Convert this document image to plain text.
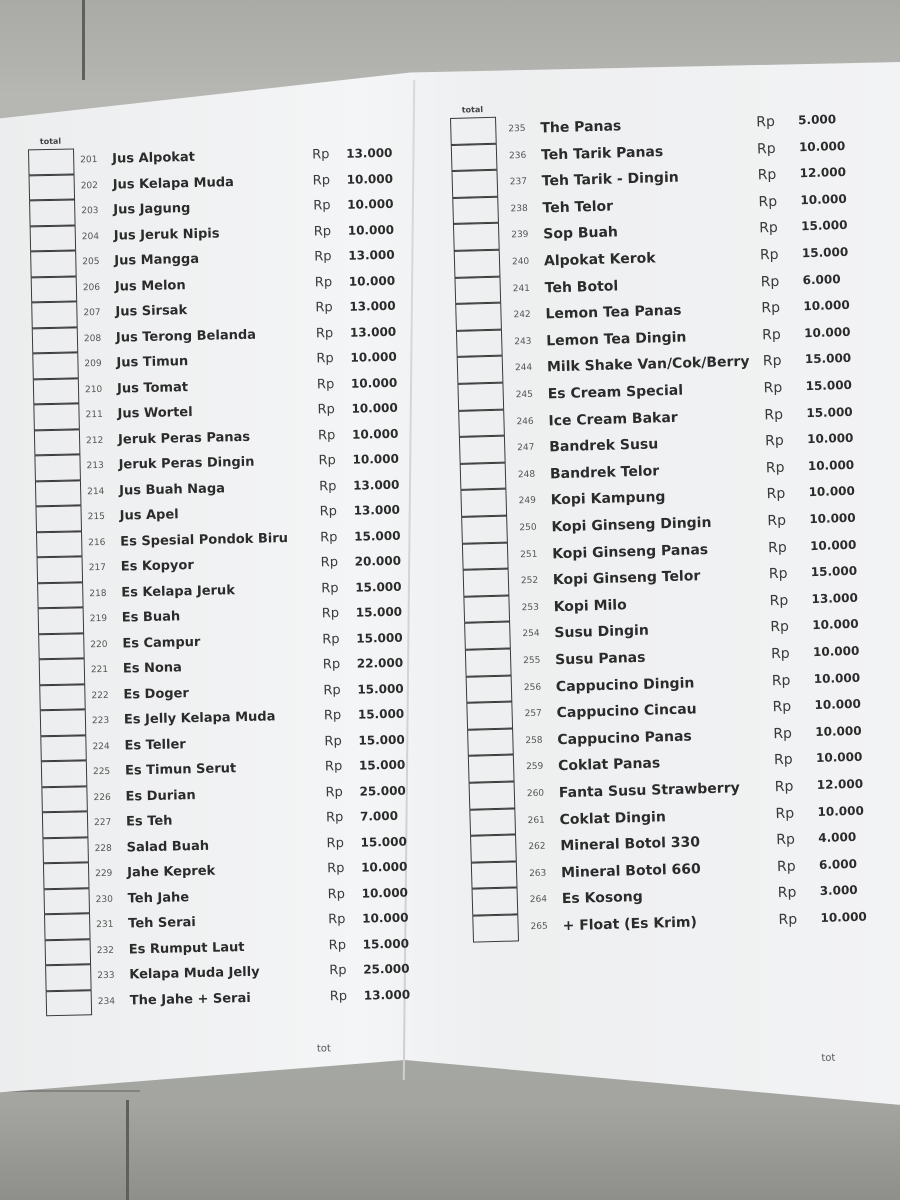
total
201 Jus Alpokat	Rp 13.000
202 Jus Kelapa Muda	Rp 10.000
203 Jus Jagung	Rp 10.000
204 Jus Jeruk Nipis	Rp 10.000
205 Jus Mangga	Rp 13.000
206 Jus Melon	Rp 10.000
207 Jus Sirsak	Rp 13.000
208 Jus Terong Belanda	Rp 13.000
209 Jus Timun	Rp 10.000
210 Jus Tomat	Rp 10.000
211 Jus Wortel	Rp 10.000
212 Jeruk Peras Panas	Rp 10.000
213 Jeruk Peras Dingin	Rp 10.000
214 Jus Buah Naga	Rp 13.000
215 Jus Apel	Rp 13.000
216 Es Spesial Pondok Biru Rp 15.000
217 Es Kopyor	Rp 20.000
218 Es Kelapa Jeruk	Rp 15.000
219 Es Buah	Rp 15.000
220 Es Campur	Rp 15.000
221 Es Nona	Rp 22.000
222 Es Doger	Rp 15.000
223 Es Jelly Kelapa Muda	Rp 15.000
224 Es Teller	Rp 15.000
225 Es Timun Serut	Rp 15.000
226 Es Durian	Rp 25.000
227 Es Teh	Rp 7.000
228 Salad Buah	Rp 15.000
229 Jahe Keprek	Rp 10.000
230 Teh Jahe	Rp 10.000
231 Teh Serai	Rp 10.000
232 Es Rumput Laut	Rp 15.000
233 Kelapa Muda Jelly	Rp 25.000
234 The Jahe + Serai	Rp 13.000
tot
total
235 The Panas	Rp 5.000
236 Teh Tarik Panas	Rp 10.000
237 Teh Tarik - Dingin	Rp 12.000
238 Teh Telor	Rp 10.000
239 Sop Buah	Rp 15.000
240 Alpokat Kerok	Rp 15.000
241 Teh Botol	Rp 6.000
242 Lemon Tea Panas	Rp 10.000
243 Lemon Tea Dingin	Rp 10.000
244 Milk Shake Van/Cok/Berry Rp 15.000
245 Es Cream Special	Rp 15.000
246 Ice Cream Bakar	Rp 15.000
247 Bandrek Susu	Rp 10.000
248 Bandrek Telor	Rp 10.000
249 Kopi Kampung	Rp 10.000
250 Kopi Ginseng Dingin	Rp 10.000
251 Kopi Ginseng Panas	Rp 10.000
252 Kopi Ginseng Telor	Rp 15.000
253 Kopi Milo	Rp 13.000
254 Susu Dingin	Rp 10.000
255 Susu Panas	Rp 10.000
256 Cappucino Dingin	Rp 10.000
257 Cappucino Cincau	Rp 10.000
258 Cappucino Panas	Rp 10.000
259 Coklat Panas	Rp 10.000
260 Fanta Susu Strawberry Rp 12.000
261 Coklat Dingin	Rp 10.000
262 Mineral Botol 330	Rp 4.000
263 Mineral Botol 660	Rp 6.000
264 Es Kosong	Rp 3.000
265 + Float (Es Krim)	Rp 10.000
tot
